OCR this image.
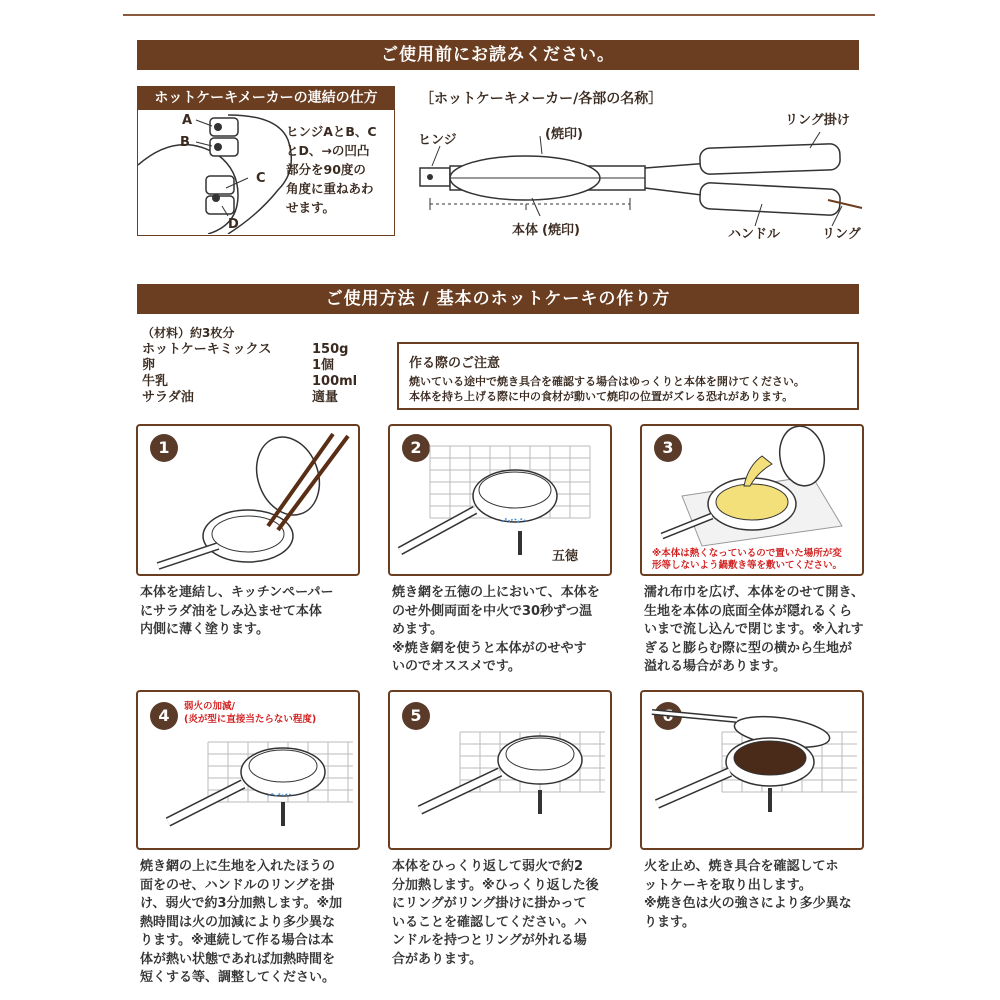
ご使用前にお読みください。
ホットケーキメーカーの連結の仕方
A
B
C
D
ヒンジAとB、C
とD、→の凹凸
部分を90度の
角度に重ねあわ
せます。
［ホットケーキメーカー/各部の名称］
ヒンジ	(焼印)
本体 (焼印)
リング掛け
ハンドル	リング
ご使用方法 / 基本のホットケーキの作り方
（材料）約3枚分
ホットケーキミックス	150g
卵	1個
牛乳	100ml
サラダ油	適量
作る際のご注意
焼いている途中で焼き具合を確認する場合はゆっくりと本体を開けてください。
本体を持ち上げる際に中の食材が動いて焼印の位置がズレる恐れがあります。
1
本体を連結し、キッチンペーパー
にサラダ油をしみ込ませて本体
内側に薄く塗ります。
2
五徳
焼き網を五徳の上において、本体を
のせ外側両面を中火で30秒ずつ温
めます。
※焼き網を使うと本体がのせやす
いのでオススメです。
3
※本体は熱くなっているので置いた場所が変
形等しないよう鍋敷き等を敷いてください。
濡れ布巾を広げ、本体をのせて開き、
生地を本体の底面全体が隠れるくら
いまで流し込んで閉じます。※入れす
ぎると膨らむ際に型の横から生地が
溢れる場合があります。
4	弱火の加減/
(炎が型に直接当たらない程度)
焼き網の上に生地を入れたほうの
面をのせ、ハンドルのリングを掛
け、弱火で約3分加熱します。※加
熱時間は火の加減により多少異な
ります。※連続して作る場合は本
体が熱い状態であれば加熱時間を
短くする等、調整してください。
5
本体をひっくり返して弱火で約2
分加熱します。※ひっくり返した後
にリングがリング掛けに掛かって
いることを確認してください。ハ
ンドルを持つとリングが外れる場
合があります。
火を止め、焼き具合を確認してホ
ットケーキを取り出します。
※焼き色は火の強さにより多少異な
ります。
